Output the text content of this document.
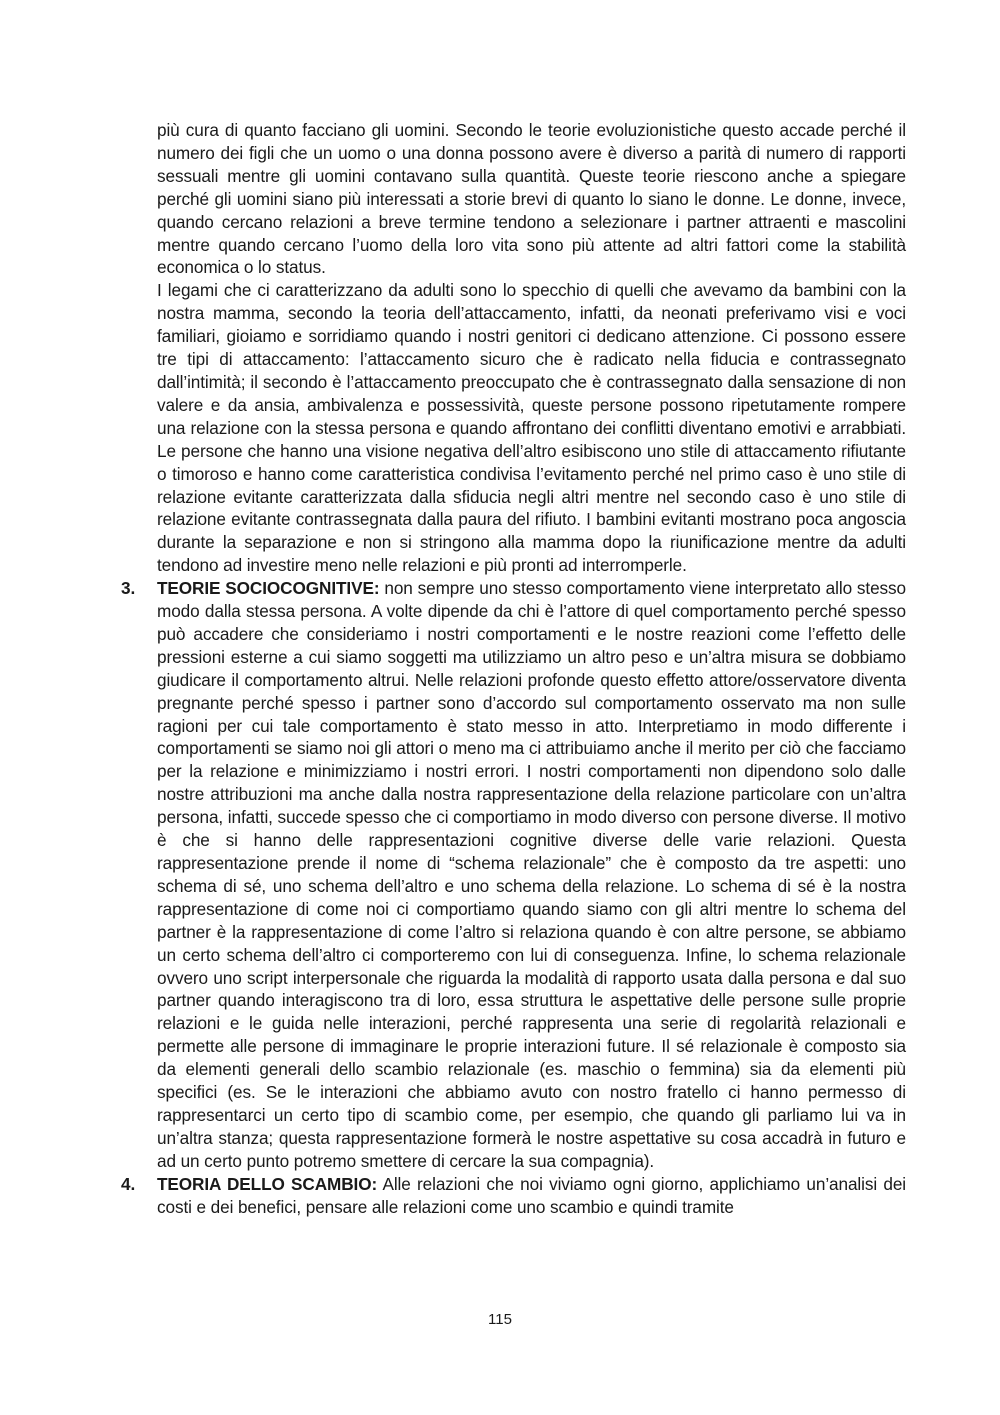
più cura di quanto facciano gli uomini. Secondo le teorie evoluzionistiche questo accade perché il numero dei figli che un uomo o una donna possono avere è diverso a parità di numero di rapporti sessuali mentre gli uomini contavano sulla quantità. Queste teorie riescono anche a spiegare perché gli uomini siano più interessati a storie brevi di quanto lo siano le donne. Le donne, invece, quando cercano relazioni a breve termine tendono a selezionare i partner attraenti e mascolini mentre quando cercano l’uomo della loro vita sono più attente ad altri fattori come la stabilità economica o lo status.

I legami che ci caratterizzano da adulti sono lo specchio di quelli che avevamo da bambini con la nostra mamma, secondo la teoria dell’attaccamento, infatti, da neonati preferivamo visi e voci familiari, gioiamo e sorridiamo quando i nostri genitori ci dedicano attenzione. Ci possono essere tre tipi di attaccamento: l’attaccamento sicuro che è radicato nella fiducia e contrassegnato dall’intimità; il secondo è l’attaccamento preoccupato che è contrassegnato dalla sensazione di non valere e da ansia, ambivalenza e possessività, queste persone possono ripetutamente rompere una relazione con la stessa persona e quando affrontano dei conflitti diventano emotivi e arrabbiati. Le persone che hanno una visione negativa dell’altro esibiscono uno stile di attaccamento rifiutante o timoroso e hanno come caratteristica condivisa l’evitamento perché nel primo caso è uno stile di relazione evitante caratterizzata dalla sfiducia negli altri mentre nel secondo caso è uno stile di relazione evitante contrassegnata dalla paura del rifiuto. I bambini evitanti mostrano poca angoscia durante la separazione e non si stringono alla mamma dopo la riunificazione mentre da adulti tendono ad investire meno nelle relazioni e più pronti ad interromperle.

3. TEORIE SOCIOCOGNITIVE: non sempre uno stesso comportamento viene interpretato allo stesso modo dalla stessa persona. A volte dipende da chi è l’attore di quel comportamento perché spesso può accadere che consideriamo i nostri comportamenti e le nostre reazioni come l’effetto delle pressioni esterne a cui siamo soggetti ma utilizziamo un altro peso e un’altra misura se dobbiamo giudicare il comportamento altrui. Nelle relazioni profonde questo effetto attore/osservatore diventa pregnante perché spesso i partner sono d’accordo sul comportamento osservato ma non sulle ragioni per cui tale comportamento è stato messo in atto. Interpretiamo in modo differente i comportamenti se siamo noi gli attori o meno ma ci attribuiamo anche il merito per ciò che facciamo per la relazione e minimizziamo i nostri errori. I nostri comportamenti non dipendono solo dalle nostre attribuzioni ma anche dalla nostra rappresentazione della relazione particolare con un’altra persona, infatti, succede spesso che ci comportiamo in modo diverso con persone diverse. Il motivo è che si hanno delle rappresentazioni cognitive diverse delle varie relazioni. Questa rappresentazione prende il nome di “schema relazionale” che è composto da tre aspetti: uno schema di sé, uno schema dell’altro e uno schema della relazione. Lo schema di sé è la nostra rappresentazione di come noi ci comportiamo quando siamo con gli altri mentre lo schema del partner è la rappresentazione di come l’altro si relaziona quando è con altre persone, se abbiamo un certo schema dell’altro ci comporteremo con lui di conseguenza. Infine, lo schema relazionale ovvero uno script interpersonale che riguarda la modalità di rapporto usata dalla persona e dal suo partner quando interagiscono tra di loro, essa struttura le aspettative delle persone sulle proprie relazioni e le guida nelle interazioni, perché rappresenta una serie di regolarità relazionali e permette alle persone di immaginare le proprie interazioni future. Il sé relazionale è composto sia da elementi generali dello scambio relazionale (es. maschio o femmina) sia da elementi più specifici (es. Se le interazioni che abbiamo avuto con nostro fratello ci hanno permesso di rappresentarci un certo tipo di scambio come, per esempio, che quando gli parliamo lui va in un’altra stanza; questa rappresentazione formerà le nostre aspettative su cosa accadrà in futuro e ad un certo punto potremo smettere di cercare la sua compagnia).
4. TEORIA DELLO SCAMBIO: Alle relazioni che noi viviamo ogni giorno, applichiamo un’analisi dei costi e dei benefici, pensare alle relazioni come uno scambio e quindi tramite
115
